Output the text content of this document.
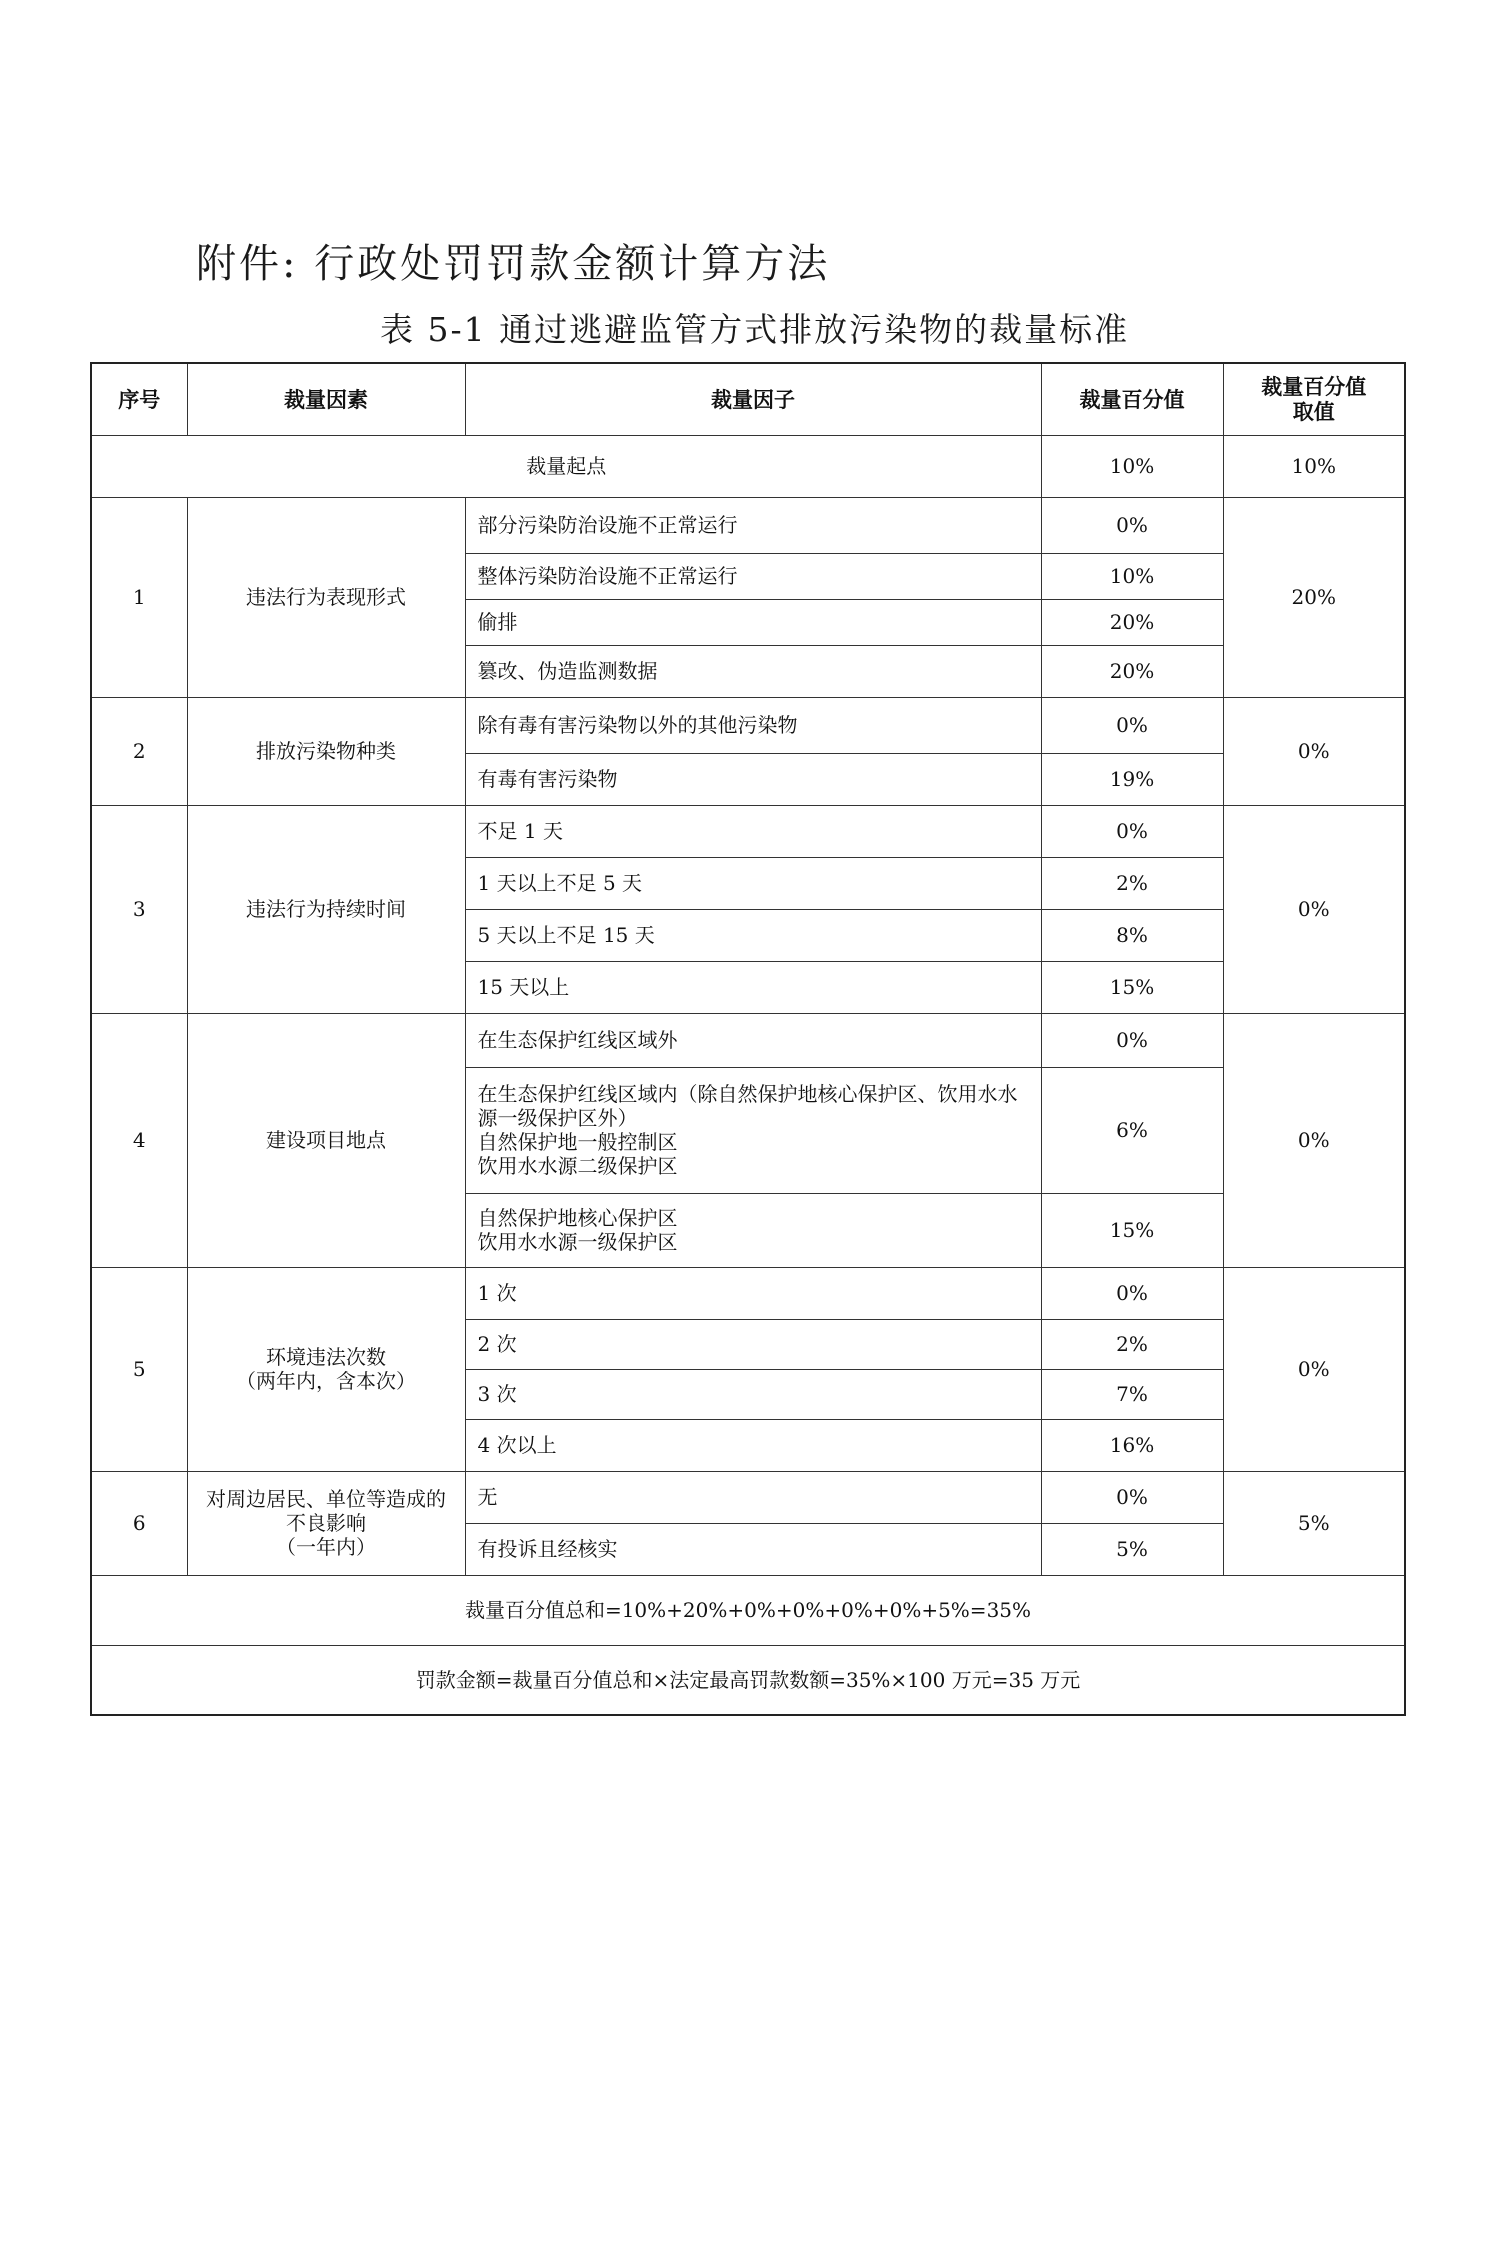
附件: 行政处罚罚款金额计算方法
表 5-1 通过逃避监管方式排放污染物的裁量标准
序号	裁量因素	裁量因子	裁量百分值	裁量百分值取值
裁量起点			10%	10%
1	违法行为表现形式	部分污染防治设施不正常运行	0%	20%
		整体污染防治设施不正常运行	10%	
		偷排	20%	
		篡改、伪造监测数据	20%	
2	排放污染物种类	除有毒有害污染物以外的其他污染物	0%	0%
		有毒有害污染物	19%	
3	违法行为持续时间	不足 1 天	0%	0%
		1 天以上不足 5 天	2%	
		5 天以上不足 15 天	8%	
		15 天以上	15%	
4	建设项目地点	在生态保护红线区域外	0%	0%
		在生态保护红线区域内（除自然保护地核心保护区、饮用水水源一级保护区外）
自然保护地一般控制区
饮用水水源二级保护区	6%	
		自然保护地核心保护区
饮用水水源一级保护区	15%	
5	环境违法次数
（两年内，含本次）	1 次	0%	0%
		2 次	2%	
		3 次	7%	
		4 次以上	16%	
6	对周边居民、单位等造成的不良影响
（一年内）	无	0%	5%
		有投诉且经核实	5%	
裁量百分值总和=10%+20%+0%+0%+0%+0%+5%=35%				
罚款金额=裁量百分值总和×法定最高罚款数额=35%×100 万元=35 万元				
